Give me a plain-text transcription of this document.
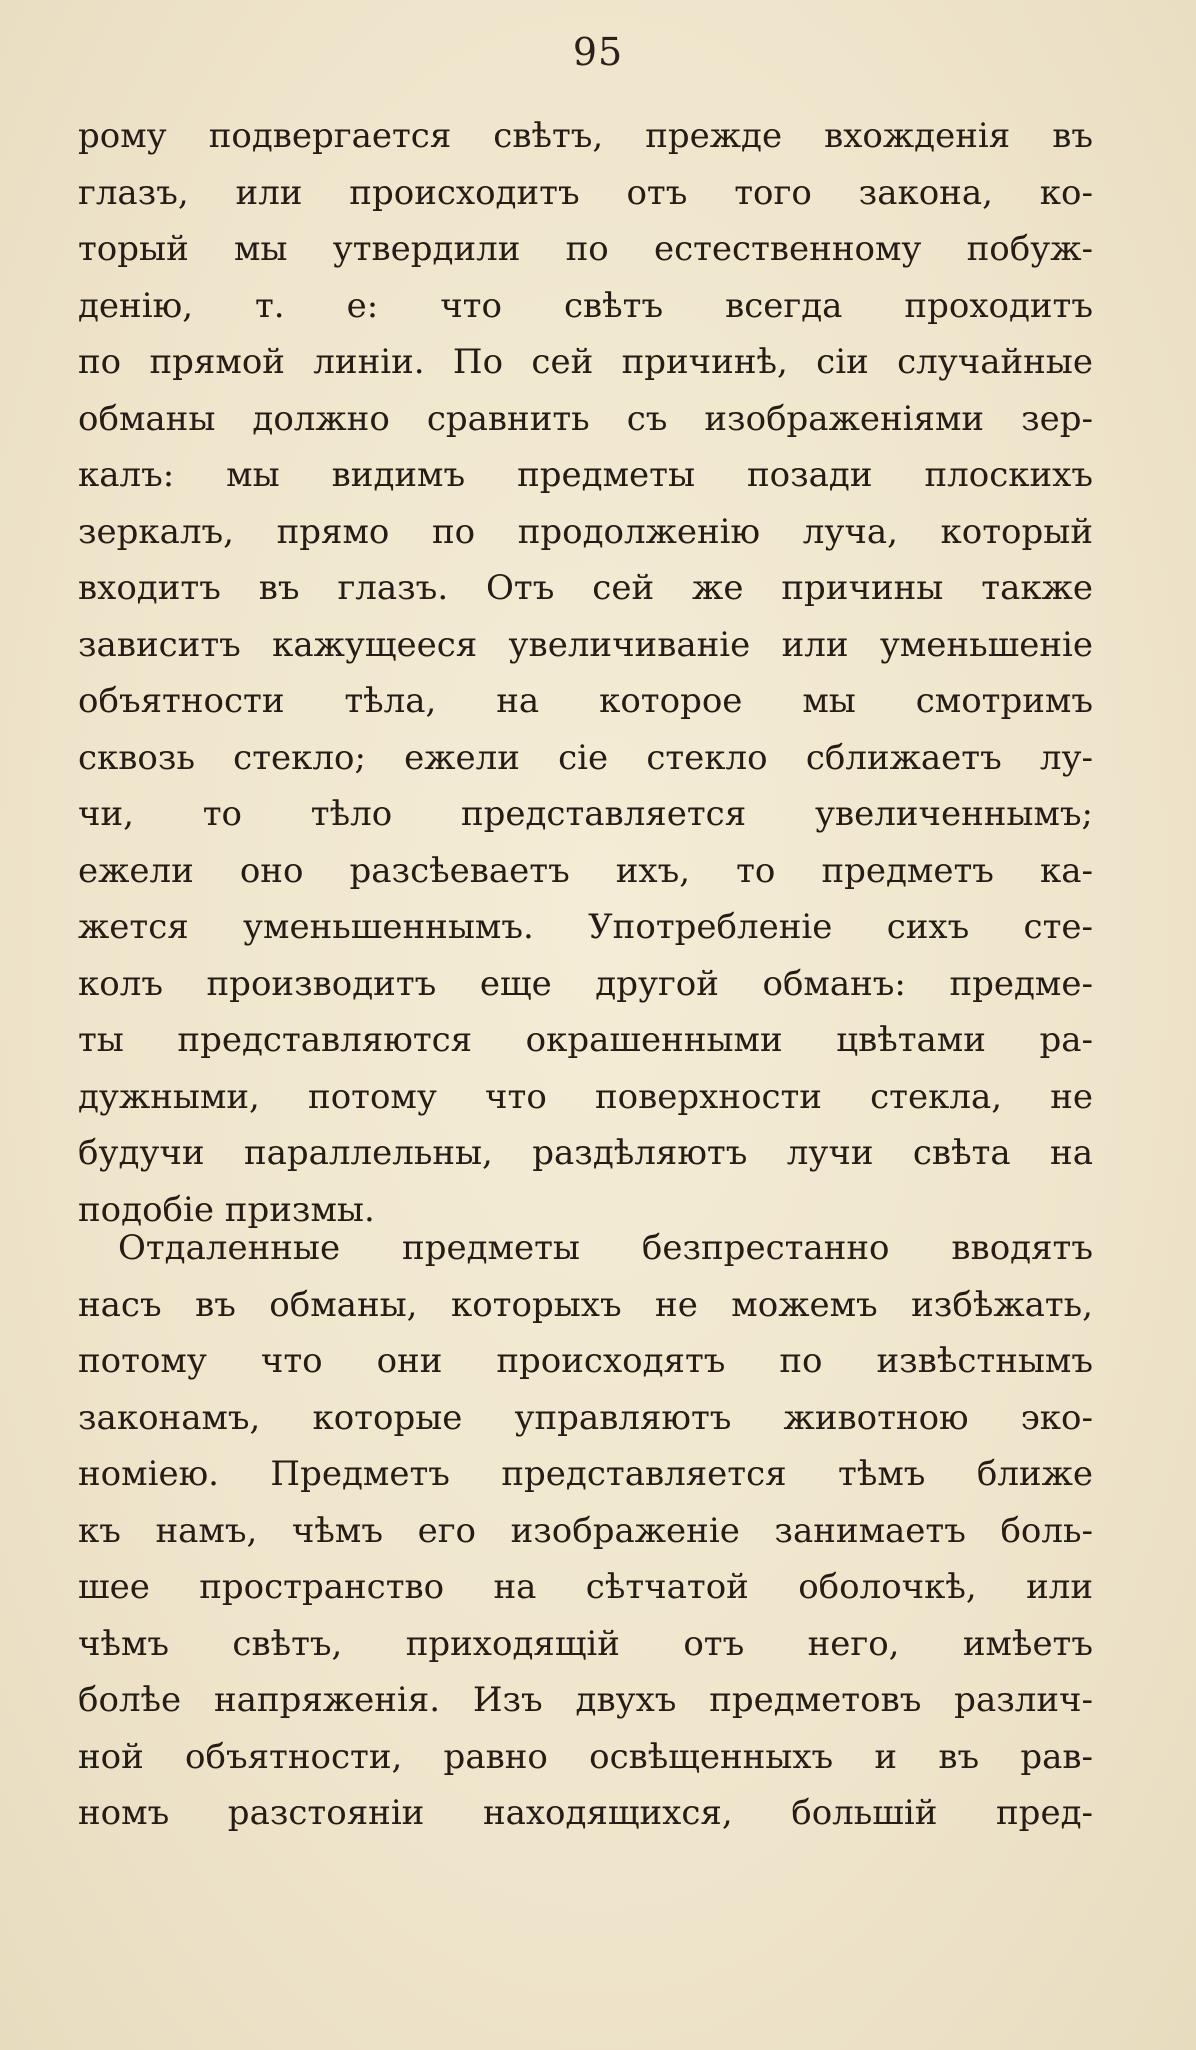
95
рому подвергается свѣтъ, прежде вхожденія въ
глазъ, или происходитъ отъ того закона, ко-
торый мы утвердили по естественному побуж-
денію, т. е: что свѣтъ всегда проходитъ
по прямой линіи. По сей причинѣ, сіи случайные
обманы должно сравнить съ изображеніями зер-
калъ: мы видимъ предметы позади плоскихъ
зеркалъ, прямо по продолженію луча, который
входитъ въ глазъ. Отъ сей же причины также
зависитъ кажущееся увеличиванiе или уменьшенiе
объятности тѣла, на которое мы смотримъ
сквозь стекло; ежели сіе стекло сближаетъ лу-
чи, то тѣло представляется увеличеннымъ;
ежели оно разсѣеваетъ ихъ, то предметъ ка-
жется уменьшеннымъ. Употребленiе сихъ сте-
колъ производитъ еще другой обманъ: предме-
ты представляются окрашенными цвѣтами ра-
дужными, потому что поверхности стекла, не
будучи параллельны, раздѣляютъ лучи свѣта на
подобiе призмы.
Отдаленные предметы безпрестанно вводятъ
насъ въ обманы, которыхъ не можемъ избѣжать,
потому что они происходятъ по извѣстнымъ
законамъ, которые управляютъ животною эко-
номiею. Предметъ представляется тѣмъ ближе
къ намъ, чѣмъ его изображенiе занимаетъ боль-
шее пространство на сѣтчатой оболочкѣ, или
чѣмъ свѣтъ, приходящій отъ него, имѣетъ
болѣе напряженія. Изъ двухъ предметовъ различ-
ной объятности, равно освѣщенныхъ и въ рав-
номъ разстояніи находящихся, большій пред-
